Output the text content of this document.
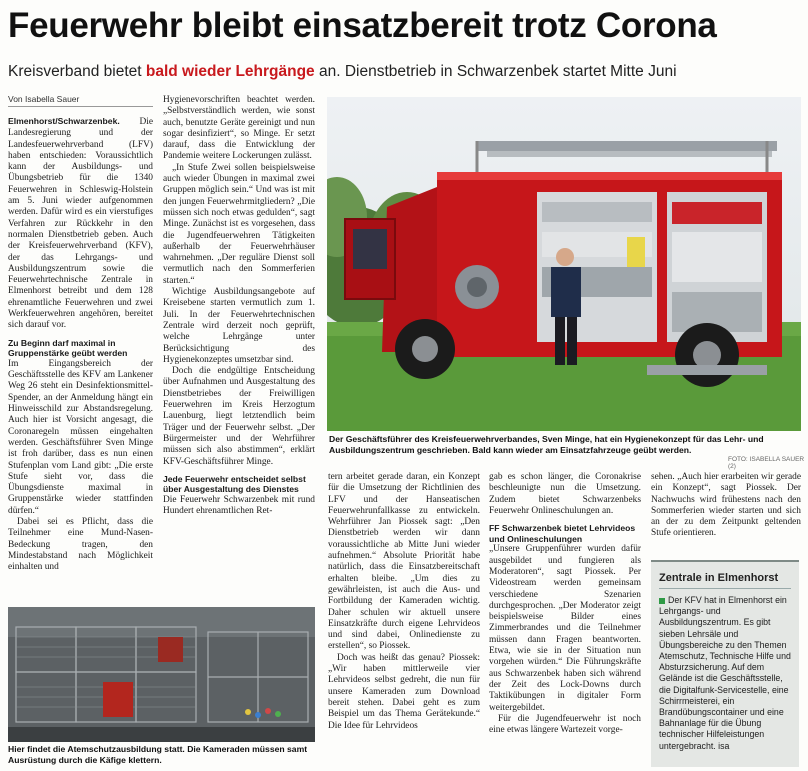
Feuerwehr bleibt einsatzbereit trotz Corona
Kreisverband bietet bald wieder Lehrgänge an. Dienstbetrieb in Schwarzenbek startet Mitte Juni
Von Isabella Sauer

Elmenhorst/Schwarzenbek. Die Landesregierung und der Landesfeuerwehrverband (LFV) haben entschieden: Voraussichtlich kann der Ausbildungs- und Übungsbetrieb für die 1340 Feuerwehren in Schleswig-Holstein am 5. Juni wieder aufgenommen werden. Dafür wird es ein vierstufiges Verfahren zur Rückkehr in den normalen Dienstbetrieb geben. Auch der Kreisfeuerwehrverband (KFV), der das Lehrgangs- und Ausbildungszentrum sowie die Feuerwehrtechnische Zentrale in Elmenhorst betreibt und dem 128 ehrenamtliche Feuerwehren und zwei Werkfeuerwehren angehören, bereitet sich darauf vor.

Zu Beginn darf maximal in Gruppenstärke geübt werden

Im Eingangsbereich der Geschäftsstelle des KFV am Lankener Weg 26 steht ein Desinfektionsmittel-Spender, an der Anmeldung hängt ein Hinweisschild zur Abstandsregelung. Auch hier ist Vorsicht angesagt, die Coronaregeln müssen eingehalten werden. Geschäftsführer Sven Minge ist froh darüber, dass es nun einen Stufenplan vom Land gibt: „Die erste Stufe sieht vor, dass die Übungsdienste maximal in Gruppenstärke wieder stattfinden dürfen.“

Dabei sei es Pflicht, dass die Teilnehmer eine Mund-Nasen-Bedeckung tragen, den Mindestabstand nach Möglichkeit einhalten und

Hygienevorschriften beachtet werden. „Selbstverständlich werden, wie sonst auch, benutzte Geräte gereinigt und nun sogar desinfiziert“, so Minge. Er setzt darauf, dass die Entwicklung der Pandemie weitere Lockerungen zulässt.

„In Stufe Zwei sollen beispielsweise auch wieder Übungen in maximal zwei Gruppen möglich sein.“ Und was ist mit den jungen Feuerwehrmitgliedern? „Die müssen sich noch etwas gedulden“, sagt Minge. Zunächst ist es vorgesehen, dass die Jugendfeuerwehren Tätigkeiten außerhalb der Feuerwehrhäuser wahrnehmen. „Der reguläre Dienst soll vermutlich nach den Sommerferien starten.“

Wichtige Ausbildungsangebote auf Kreisebene starten vermutlich zum 1. Juli. In der Feuerwehrtechnischen Zentrale wird derzeit noch geprüft, welche Lehrgänge unter Berücksichtigung des Hygienekonzeptes umsetzbar sind.

Doch die endgültige Entscheidung über Aufnahmen und Ausgestaltung des Dienstbetriebes der Freiwilligen Feuerwehren im Kreis Herzogtum Lauenburg, liegt letztendlich beim Träger und der Feuerwehr selbst. „Der Bürgermeister und der Wehrführer müssen sich also abstimmen“, erklärt KFV-Geschäftsführer Minge.

Jede Feuerwehr entscheidet selbst über Ausgestaltung des Dienstes

Die Feuerwehr Schwarzenbek mit rund Hundert ehrenamtlichen Ret-

Der Geschäftsführer des Kreisfeuerwehrverbandes, Sven Minge, hat ein Hygienekonzept für das Lehr- und Ausbildungszentrum geschrieben. Bald kann wieder am Einsatzfahrzeuge geübt werden.
FOTO: ISABELLA SAUER (2)

tern arbeitet gerade daran, ein Konzept für die Umsetzung der Richtlinien des LFV und der Hanseatischen Feuerwehrunfallkasse zu entwickeln. Wehrführer Jan Piossek sagt: „Den Dienstbetrieb werden wir dann voraussichtliche ab Mitte Juni wieder aufnehmen.“ Absolute Priorität habe natürlich, dass die Einsatzbereitschaft erhalten bleibe. „Um dies zu gewährleisten, ist auch die Aus- und Fortbildung der Kameraden wichtig. Daher schulen wir aktuell unsere Einsatzkräfte durch eigene Lehrvideos und sind dabei, Onlinedienste zu erstellen“, so Piossek.

Doch was heißt das genau? Piossek: „Wir haben mittlerweile vier Lehrvideos selbst gedreht, die nun für unsere Kameraden zum Download bereit stehen. Dabei geht es zum Beispiel um das Thema Gerätekunde.“ Die Idee für Lehrvideos

gab es schon länger, die Coronakrise beschleunigte nun die Umsetzung. Zudem bietet Schwarzenbeks Feuerwehr Onlineschulungen an.

FF Schwarzenbek bietet Lehrvideos und Onlineschulungen

„Unsere Gruppenführer wurden dafür ausgebildet und fungieren als Moderatoren“, sagt Piossek. Per Videostream werden gemeinsam verschiedene Szenarien durchgesprochen. „Der Moderator zeigt beispielsweise Bilder eines Zimmerbrandes und die Teilnehmer müssen dann Fragen beantworten. Etwa, wie sie in der Situation nun vorgehen würden.“ Die Führungskräfte aus Schwarzenbek haben sich während der Zeit des Lock-Downs durch Taktikübungen in digitaler Form weitergebildet.

Für die Jugendfeuerwehr ist noch eine etwas längere Wartezeit vorge-

sehen. „Auch hier erarbeiten wir gerade ein Konzept“, sagt Piossek. Der Nachwuchs wird frühestens nach den Sommerferien wieder starten und sich an der zu dem Zeitpunkt geltenden Stufe orientieren.

Zentrale in Elmenhorst
Der KFV hat in Elmenhorst ein Lehrgangs- und Ausbildungszentrum. Es gibt sieben Lehrsäle und Übungsbereiche zu den Themen Atemschutz, Technische Hilfe und Absturzsicherung. Auf dem Gelände ist die Geschäftsstelle, die Digitalfunk-Servicestelle, eine Schirrmeisterei, ein Brandübungscontainer und eine Bahnanlage für die Übung technischer Hilfeleistungen untergebracht. isa
Hier findet die Atemschutzausbildung statt. Die Kameraden müssen samt Ausrüstung durch die Käfige klettern.
